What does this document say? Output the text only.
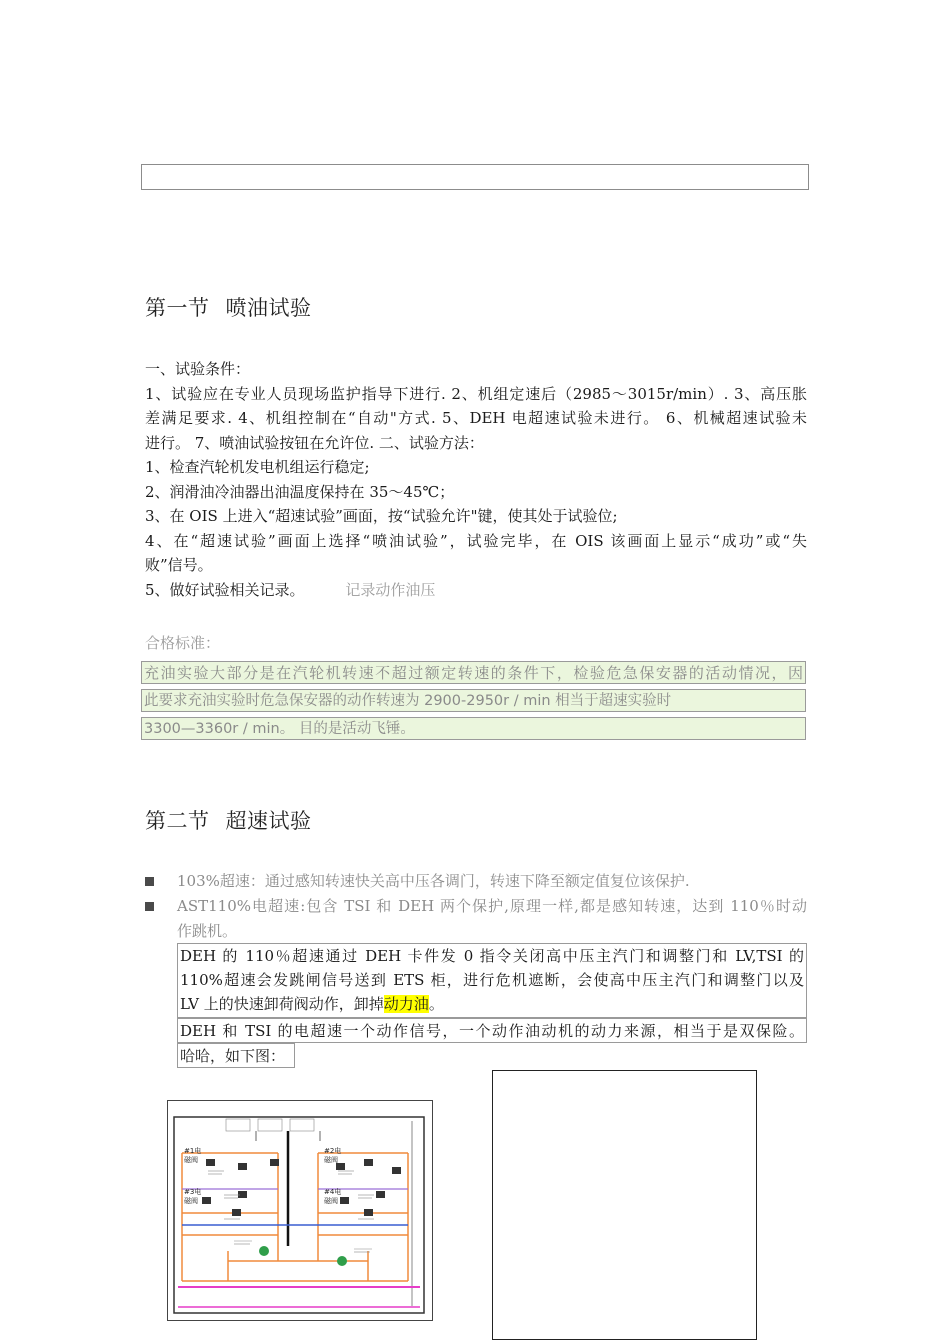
第一节 喷油试验

一、试验条件：

1、试验应在专业人员现场监护指导下进行. 2、机组定速后（2985～3015r/min）. 3、高压胀

差满足要求. 4、机组控制在“自动"方式. 5、DEH 电超速试验未进行。 6、机械超速试验未

进行。 7、喷油试验按钮在允许位. 二、试验方法：

1、检查汽轮机发电机组运行稳定;

2、润滑油冷油器出油温度保持在 35～45℃；

3、在 OIS 上进入“超速试验”画面，按“试验允许"键，使其处于试验位;

4、在“超速试验”画面上选择“喷油试验”，试验完毕，在 OIS 该画面上显示“成功”或“失

败”信号。

5、做好试验相关记录。	记录动作油压

合格标准：
充油实验大部分是在汽轮机转速不超过额定转速的条件下，检验危急保安器的活动情况，因
此要求充油实验时危急保安器的动作转速为 2900-2950r / min 相当于超速实验时
3300—3360r / min。 目的是活动飞锤。
第二节 超速试验
103%超速：通过感知转速快关高中压各调门，转速下降至额定值复位该保护.
AST110%电超速:包含 TSI 和 DEH 两个保护,原理一样,都是感知转速，达到 110％时动
作跳机。
DEH 的 110％超速通过 DEH 卡件发 0 指令关闭高中压主汽门和调整门和 LV,TSI 的
110%超速会发跳闸信号送到 ETS 柜，进行危机遮断，会使高中压主汽门和调整门以及
LV 上的快速卸荷阀动作，卸掉动力油。
DEH 和 TSI 的电超速一个动作信号，一个动作油动机的动力来源，相当于是双保险。
哈哈，如下图：
#1电
磁阀
#2电
磁阀
#3电
磁阀
#4电
磁阀
